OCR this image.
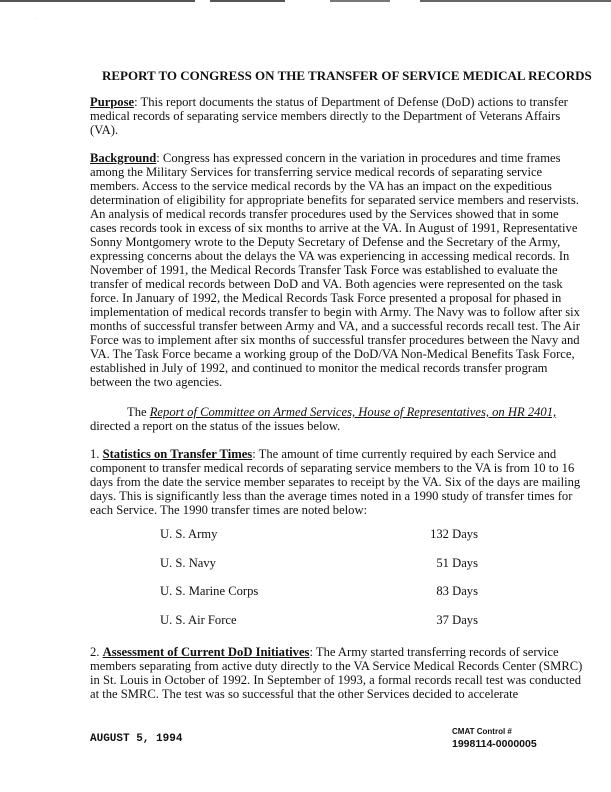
· ·
REPORT TO CONGRESS ON THE TRANSFER OF SERVICE MEDICAL RECORDS
Purpose: This report documents the status of Department of Defense (DoD) actions to transfer medical records of separating service members directly to the Department of Veterans Affairs (VA).
Background: Congress has expressed concern in the variation in procedures and time frames among the Military Services for transferring service medical records of separating service members. Access to the service medical records by the VA has an impact on the expeditious determination of eligibility for appropriate benefits for separated service members and reservists. An analysis of medical records transfer procedures used by the Services showed that in some cases records took in excess of six months to arrive at the VA. In August of 1991, Representative Sonny Montgomery wrote to the Deputy Secretary of Defense and the Secretary of the Army, expressing concerns about the delays the VA was experiencing in accessing medical records. In November of 1991, the Medical Records Transfer Task Force was established to evaluate the transfer of medical records between DoD and VA. Both agencies were represented on the task force. In January of 1992, the Medical Records Task Force presented a proposal for phased in implementation of medical records transfer to begin with Army. The Navy was to follow after six months of successful transfer between Army and VA, and a successful records recall test. The Air Force was to implement after six months of successful transfer procedures between the Navy and VA. The Task Force became a working group of the DoD/VA Non-Medical Benefits Task Force, established in July of 1992, and continued to monitor the medical records transfer program between the two agencies.
The Report of Committee on Armed Services, House of Representatives, on HR 2401, directed a report on the status of the issues below.
1. Statistics on Transfer Times: The amount of time currently required by each Service and component to transfer medical records of separating service members to the VA is from 10 to 16 days from the date the service member separates to receipt by the VA. Six of the days are mailing days. This is significantly less than the average times noted in a 1990 study of transfer times for each Service. The 1990 transfer times are noted below:
U. S. Army	132 Days
U. S. Navy	51 Days
U. S. Marine Corps	83 Days
U. S. Air Force	37 Days
2. Assessment of Current DoD Initiatives: The Army started transferring records of service members separating from active duty directly to the VA Service Medical Records Center (SMRC) in St. Louis in October of 1992. In September of 1993, a formal records recall test was conducted at the SMRC. The test was so successful that the other Services decided to accelerate
AUGUST 5, 1994
CMAT Control #
1998114-0000005
